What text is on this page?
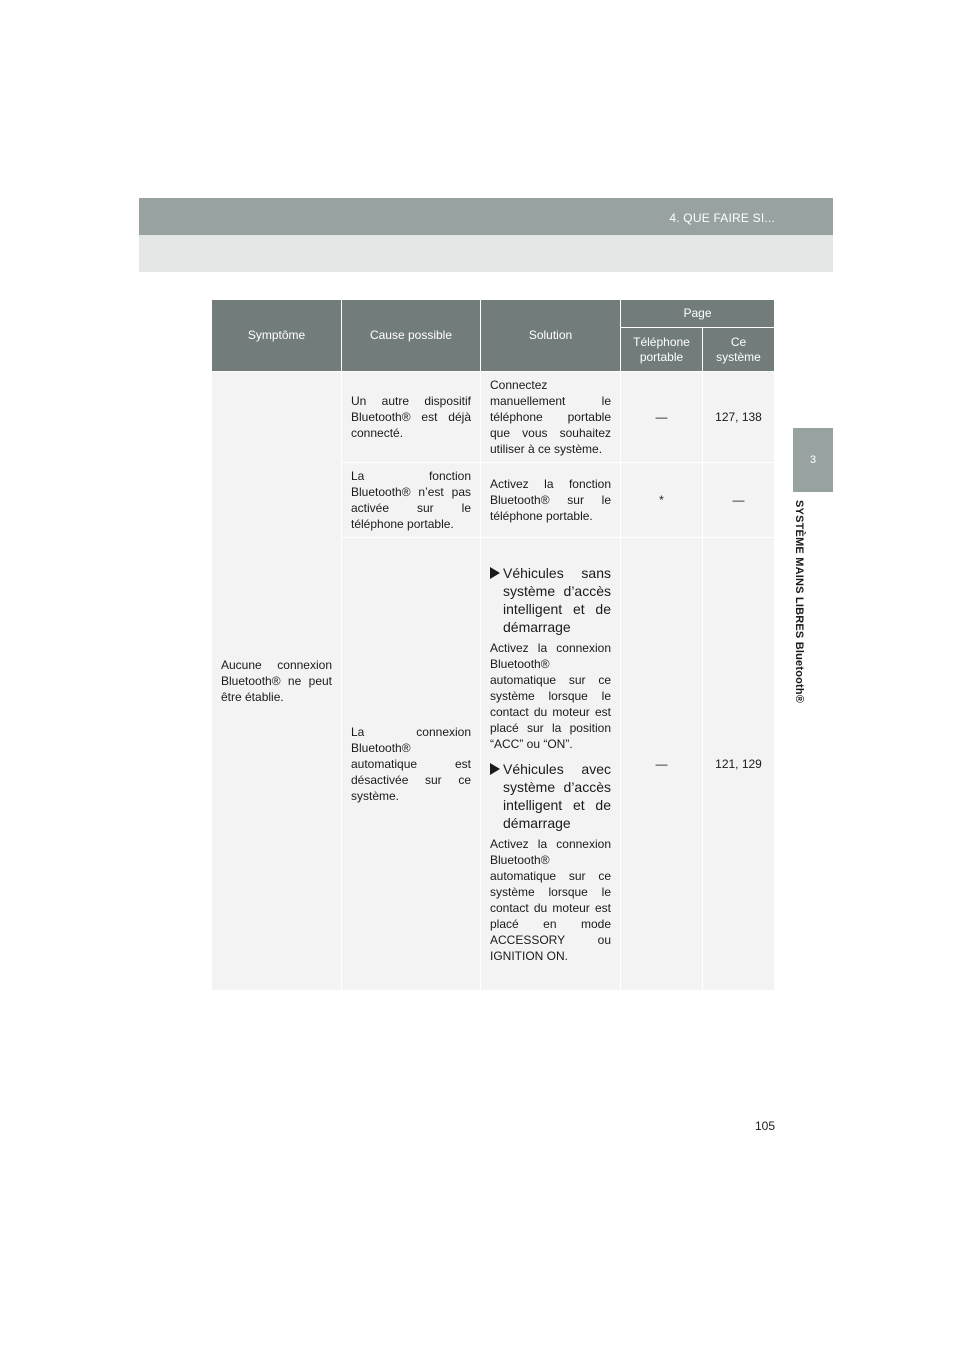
4. QUE FAIRE SI...
3
SYSTÈME MAINS LIBRES Bluetooth®
Symptôme	Cause possible	Solution	Page	
			Téléphone portable	Ce système
Aucune connexion Bluetooth® ne peut être établie.	Un autre dispositif Bluetooth® est déjà connecté.	Connectez manuellement le téléphone portable que vous souhaitez utiliser à ce système.	—	127, 138
	La fonction Bluetooth® n’est pas activée sur le téléphone portable.	Activez la fonction Bluetooth® sur le téléphone portable.	*	—
	La connexion Bluetooth® automatique est désactivée sur ce système.	Véhicules sans système d’accès intelligent et de démarrage
Activez la connexion Bluetooth® automatique sur ce système lorsque le contact du moteur est placé sur la position “ACC” ou “ON”.
Véhicules avec système d’accès intelligent et de démarrage
Activez la connexion Bluetooth® automatique sur ce système lorsque le contact du moteur est placé en mode ACCESSORY ou IGNITION ON.	—	121, 129
105
